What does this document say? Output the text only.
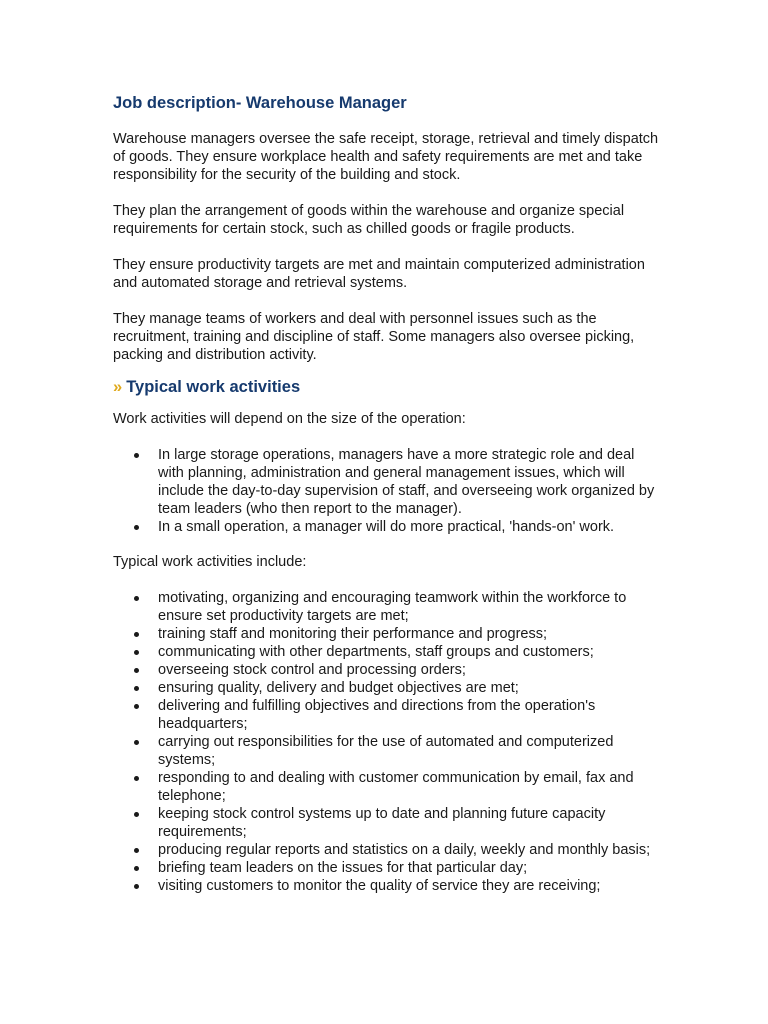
Job description- Warehouse Manager

Warehouse managers oversee the safe receipt, storage, retrieval and timely dispatch of goods. They ensure workplace health and safety requirements are met and take responsibility for the security of the building and stock.

They plan the arrangement of goods within the warehouse and organize special requirements for certain stock, such as chilled goods or fragile products.

They ensure productivity targets are met and maintain computerized administration and automated storage and retrieval systems.

They manage teams of workers and deal with personnel issues such as the recruitment, training and discipline of staff. Some managers also oversee picking, packing and distribution activity.

» Typical work activities

Work activities will depend on the size of the operation:

In large storage operations, managers have a more strategic role and deal with planning, administration and general management issues, which will include the day-to-day supervision of staff, and overseeing work organized by team leaders (who then report to the manager).
In a small operation, a manager will do more practical, 'hands-on' work.

Typical work activities include:

motivating, organizing and encouraging teamwork within the workforce to ensure set productivity targets are met;
training staff and monitoring their performance and progress;
communicating with other departments, staff groups and customers;
overseeing stock control and processing orders;
ensuring quality, delivery and budget objectives are met;
delivering and fulfilling objectives and directions from the operation's headquarters;
carrying out responsibilities for the use of automated and computerized systems;
responding to and dealing with customer communication by email, fax and telephone;
keeping stock control systems up to date and planning future capacity requirements;
producing regular reports and statistics on a daily, weekly and monthly basis;
briefing team leaders on the issues for that particular day;
visiting customers to monitor the quality of service they are receiving;
